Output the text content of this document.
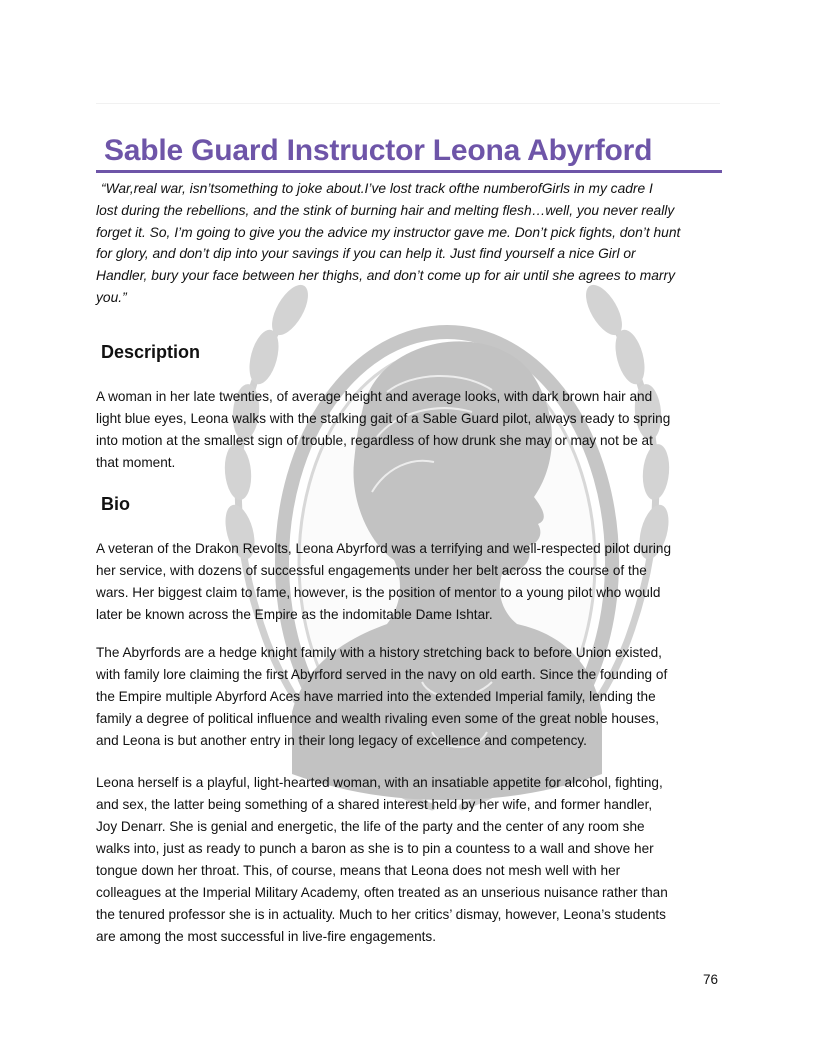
Sable Guard Instructor Leona Abyrford

“War,real war, isn’tsomething to joke about.I’ve lost track ofthe numberofGirls in my cadre I
lost during the rebellions, and the stink of burning hair and melting flesh…well, you never really
forget it. So, I’m going to give you the advice my instructor gave me. Don’t pick fights, don’t hunt
for glory, and don’t dip into your savings if you can help it. Just find yourself a nice Girl or
Handler, bury your face between her thighs, and don’t come up for air until she agrees to marry
you.”

Description

A woman in her late twenties, of average height and average looks, with dark brown hair and
light blue eyes, Leona walks with the stalking gait of a Sable Guard pilot, always ready to spring
into motion at the smallest sign of trouble, regardless of how drunk she may or may not be at
that moment.

Bio

A veteran of the Drakon Revolts, Leona Abyrford was a terrifying and well-respected pilot during
her service, with dozens of successful engagements under her belt across the course of the
wars. Her biggest claim to fame, however, is the position of mentor to a young pilot who would
later be known across the Empire as the indomitable Dame Ishtar.

The Abyrfords are a hedge knight family with a history stretching back to before Union existed,
with family lore claiming the first Abyrford served in the navy on old earth. Since the founding of
the Empire multiple Abyrford Aces have married into the extended Imperial family, lending the
family a degree of political influence and wealth rivaling even some of the great noble houses,
and Leona is but another entry in their long legacy of excellence and competency.

Leona herself is a playful, light-hearted woman, with an insatiable appetite for alcohol, fighting,
and sex, the latter being something of a shared interest held by her wife, and former handler,
Joy Denarr. She is genial and energetic, the life of the party and the center of any room she
walks into, just as ready to punch a baron as she is to pin a countess to a wall and shove her
tongue down her throat. This, of course, means that Leona does not mesh well with her
colleagues at the Imperial Military Academy, often treated as an unserious nuisance rather than
the tenured professor she is in actuality. Much to her critics’ dismay, however, Leona’s students
are among the most successful in live-fire engagements.

76
